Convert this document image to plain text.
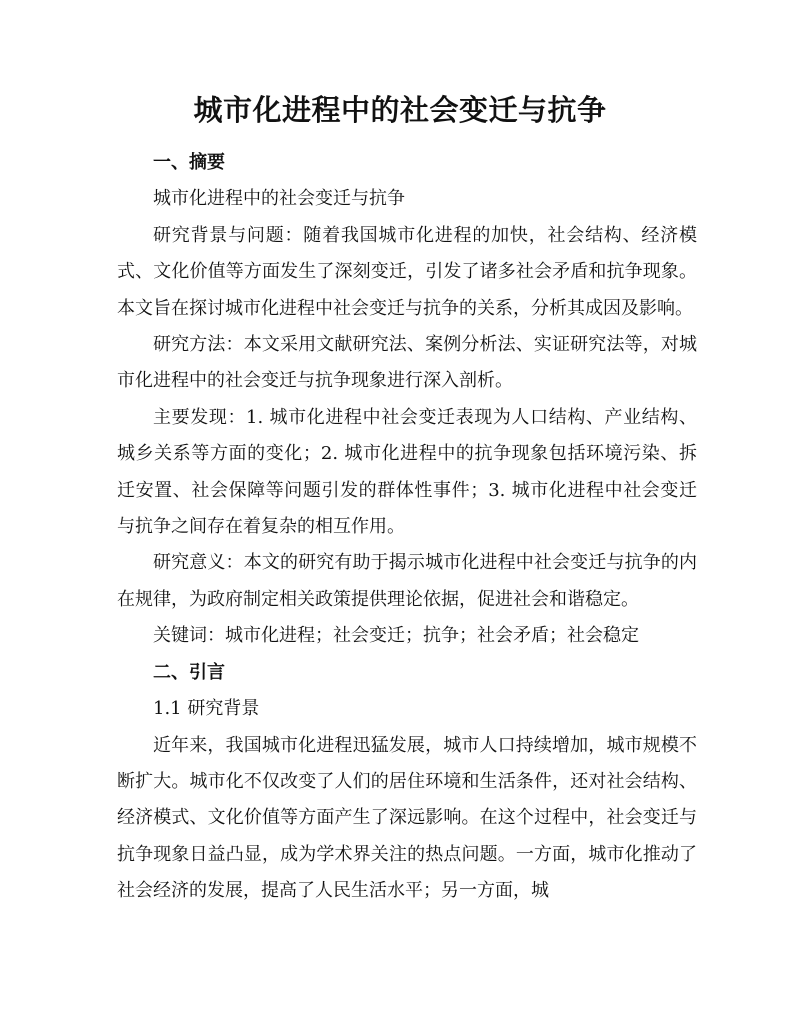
城市化进程中的社会变迁与抗争
一、摘要

城市化进程中的社会变迁与抗争

研究背景与问题：随着我国城市化进程的加快，社会结构、经济模式、文化价值等方面发生了深刻变迁，引发了诸多社会矛盾和抗争现象。本文旨在探讨城市化进程中社会变迁与抗争的关系，分析其成因及影响。

研究方法：本文采用文献研究法、案例分析法、实证研究法等，对城市化进程中的社会变迁与抗争现象进行深入剖析。

主要发现：1. 城市化进程中社会变迁表现为人口结构、产业结构、城乡关系等方面的变化；2. 城市化进程中的抗争现象包括环境污染、拆迁安置、社会保障等问题引发的群体性事件；3. 城市化进程中社会变迁与抗争之间存在着复杂的相互作用。

研究意义：本文的研究有助于揭示城市化进程中社会变迁与抗争的内在规律，为政府制定相关政策提供理论依据，促进社会和谐稳定。

关键词：城市化进程；社会变迁；抗争；社会矛盾；社会稳定

二、引言

1.1 研究背景

近年来，我国城市化进程迅猛发展，城市人口持续增加，城市规模不断扩大。城市化不仅改变了人们的居住环境和生活条件，还对社会结构、经济模式、文化价值等方面产生了深远影响。在这个过程中，社会变迁与抗争现象日益凸显，成为学术界关注的热点问题。一方面，城市化推动了社会经济的发展，提高了人民生活水平；另一方面，城
